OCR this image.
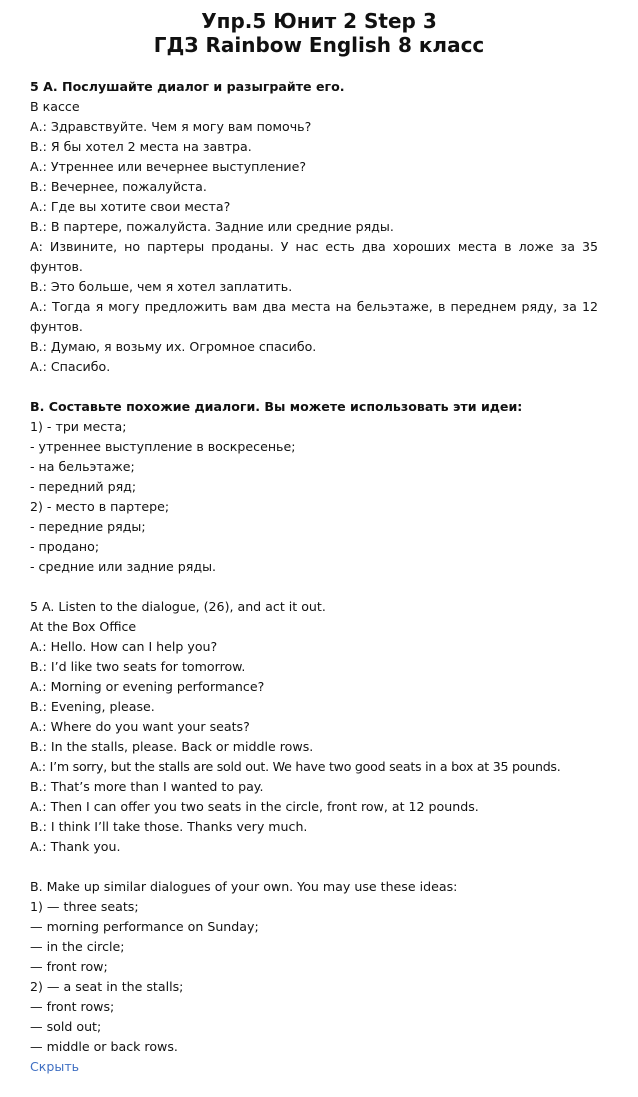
Упр.5 Юнит 2 Step 3
ГДЗ Rainbow English 8 класс
5 А. Послушайте диалог и разыграйте его.
В кассе
А.: Здравствуйте. Чем я могу вам помочь?
В.: Я бы хотел 2 места на завтра.
А.: Утреннее или вечернее выступление?
В.: Вечернее, пожалуйста.
А.: Где вы хотите свои места?
В.: В партере, пожалуйста. Задние или средние ряды.
А: Извините, но партеры проданы. У нас есть два хороших места в ложе за 35 фунтов.
В.: Это больше, чем я хотел заплатить.
А.: Тогда я могу предложить вам два места на бельэтаже, в переднем ряду, за 12 фунтов.
В.: Думаю, я возьму их. Огромное спасибо.
А.: Спасибо.
В. Составьте похожие диалоги. Вы можете использовать эти идеи:
1) - три места;
- утреннее выступление в воскресенье;
- на бельэтаже;
- передний ряд;
2) - место в партере;
- передние ряды;
- продано;
- средние или задние ряды.
5 A. Listen to the dialogue, (26), and act it out.
At the Box Office
A.: Hello. How can I help you?
B.: I’d like two seats for tomorrow.
A.: Morning or evening performance?
B.: Evening, please.
A.: Where do you want your seats?
B.: In the stalls, please. Back or middle rows.
A.: I’m sorry, but the stalls are sold out. We have two good seats in a box at 35 pounds.
B.: That’s more than I wanted to pay.
A.: Then I can offer you two seats in the circle, front row, at 12 pounds.
B.: I think I’ll take those. Thanks very much.
A.: Thank you.
B. Make up similar dialogues of your own. You may use these ideas:
1) — three seats;
— morning performance on Sunday;
— in the circle;
— front row;
2) — a seat in the stalls;
— front rows;
— sold out;
— middle or back rows.
Скрыть
